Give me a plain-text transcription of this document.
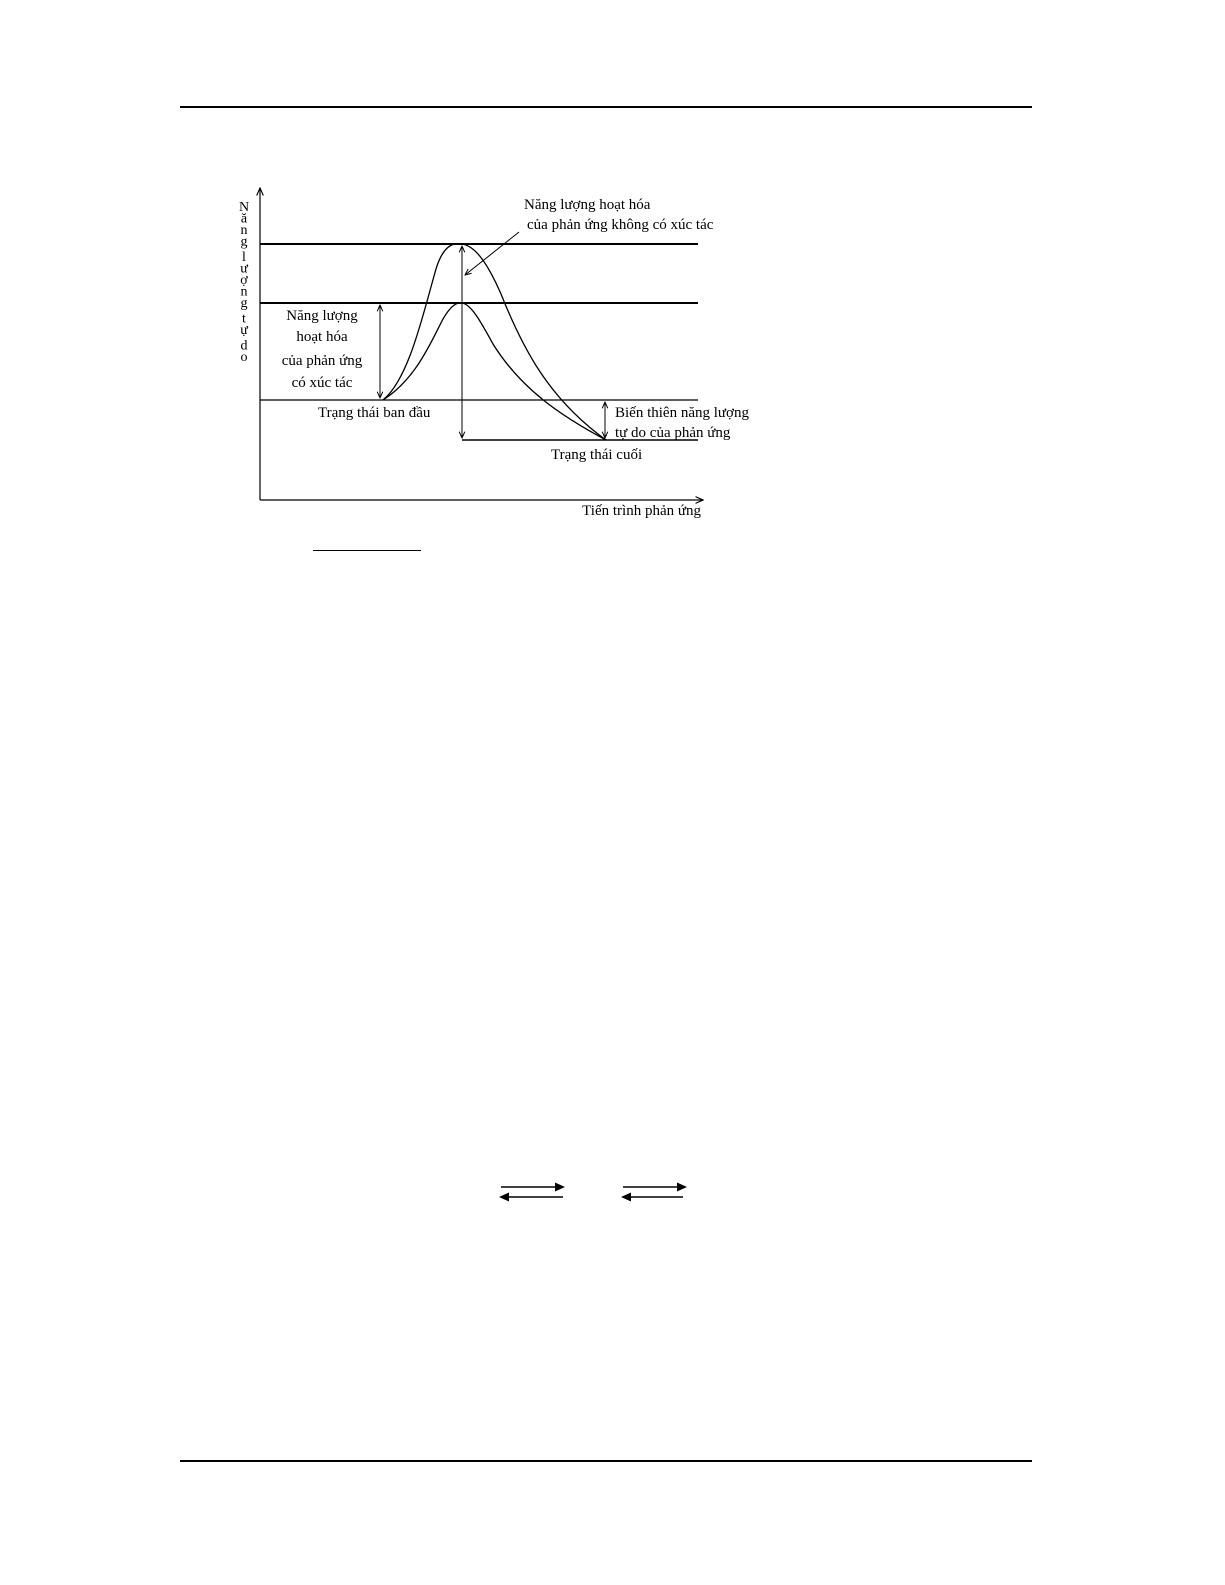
N
ă
n
g
l
ư
ợ
n
g
t
ự
d
o
Năng lượng hoạt hóa
của phản ứng không có xúc tác
Năng lượng
hoạt hóa
của phản ứng
có xúc tác
Trạng thái ban đầu	Biến thiên năng lượng
tự do của phản ứng
Trạng thái cuối
Tiến trình phản ứng
